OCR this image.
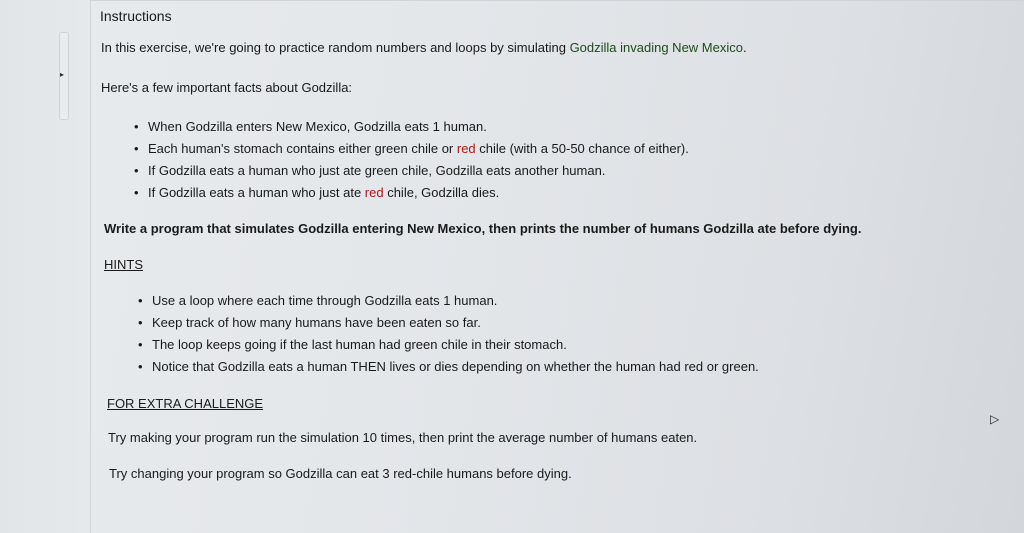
▸
Instructions
In this exercise, we're going to practice random numbers and loops by simulating Godzilla invading New Mexico.
Here's a few important facts about Godzilla:
• When Godzilla enters New Mexico, Godzilla eats 1 human.
• Each human's stomach contains either green chile or red chile (with a 50-50 chance of either).
• If Godzilla eats a human who just ate green chile, Godzilla eats another human.
• If Godzilla eats a human who just ate red chile, Godzilla dies.
Write a program that simulates Godzilla entering New Mexico, then prints the number of humans Godzilla ate before dying.
HINTS
• Use a loop where each time through Godzilla eats 1 human.
• Keep track of how many humans have been eaten so far.
• The loop keeps going if the last human had green chile in their stomach.
• Notice that Godzilla eats a human THEN lives or dies depending on whether the human had red or green.
FOR EXTRA CHALLENGE
Try making your program run the simulation 10 times, then print the average number of humans eaten.
Try changing your program so Godzilla can eat 3 red-chile humans before dying.
▷
